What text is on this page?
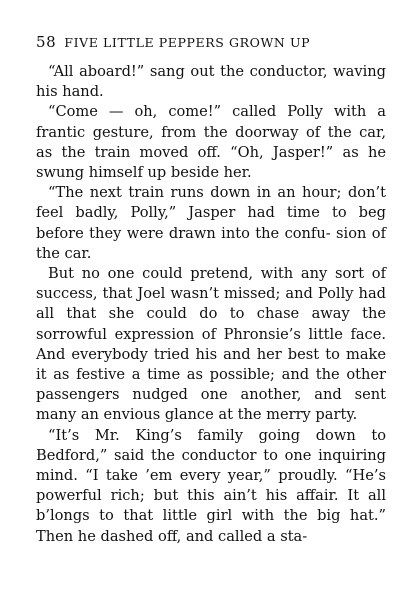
58 FIVE LITTLE PEPPERS GROWN UP

“All aboard!” sang out the conductor, waving his hand.

“Come — oh, come!” called Polly with a frantic gesture, from the doorway of the car, as the train moved off. “Oh, Jasper!” as he swung himself up beside her.

“The next train runs down in an hour; don’t feel badly, Polly,” Jasper had time to beg before they were drawn into the confu- sion of the car.

But no one could pretend, with any sort of success, that Joel wasn’t missed; and Polly had all that she could do to chase away the sorrowful expression of Phronsie’s little face. And everybody tried his and her best to make it as festive a time as possible; and the other passengers nudged one another, and sent many an envious glance at the merry party.

“It’s Mr. King’s family going down to Bedford,” said the conductor to one inquiring mind. “I take ’em every year,” proudly. “He’s powerful rich; but this ain’t his affair. It all b’longs to that little girl with the big hat.” Then he dashed off, and called a sta-
